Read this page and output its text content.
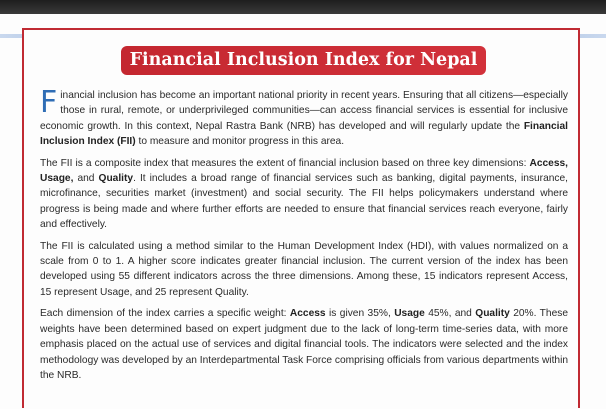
Financial Inclusion Index for Nepal

Financial inclusion has become an important national priority in recent years. Ensuring that all citizens—especially those in rural, remote, or underprivileged communities—can access financial services is essential for inclusive economic growth. In this context, Nepal Rastra Bank (NRB) has developed and will regularly update the Financial Inclusion Index (FII) to measure and monitor progress in this area.

The FII is a composite index that measures the extent of financial inclusion based on three key dimensions: Access, Usage, and Quality. It includes a broad range of financial services such as banking, digital payments, insurance, microfinance, securities market (investment) and social security. The FII helps policymakers understand where progress is being made and where further efforts are needed to ensure that financial services reach everyone, fairly and effectively.

The FII is calculated using a method similar to the Human Development Index (HDI), with values normalized on a scale from 0 to 1. A higher score indicates greater financial inclusion. The current version of the index has been developed using 55 different indicators across the three dimensions. Among these, 15 indicators represent Access, 15 represent Usage, and 25 represent Quality.

Each dimension of the index carries a specific weight: Access is given 35%, Usage 45%, and Quality 20%. These weights have been determined based on expert judgment due to the lack of long-term time-series data, with more emphasis placed on the actual use of services and digital financial tools. The indicators were selected and the index methodology was developed by an Interdepartmental Task Force comprising officials from various departments within the NRB.
